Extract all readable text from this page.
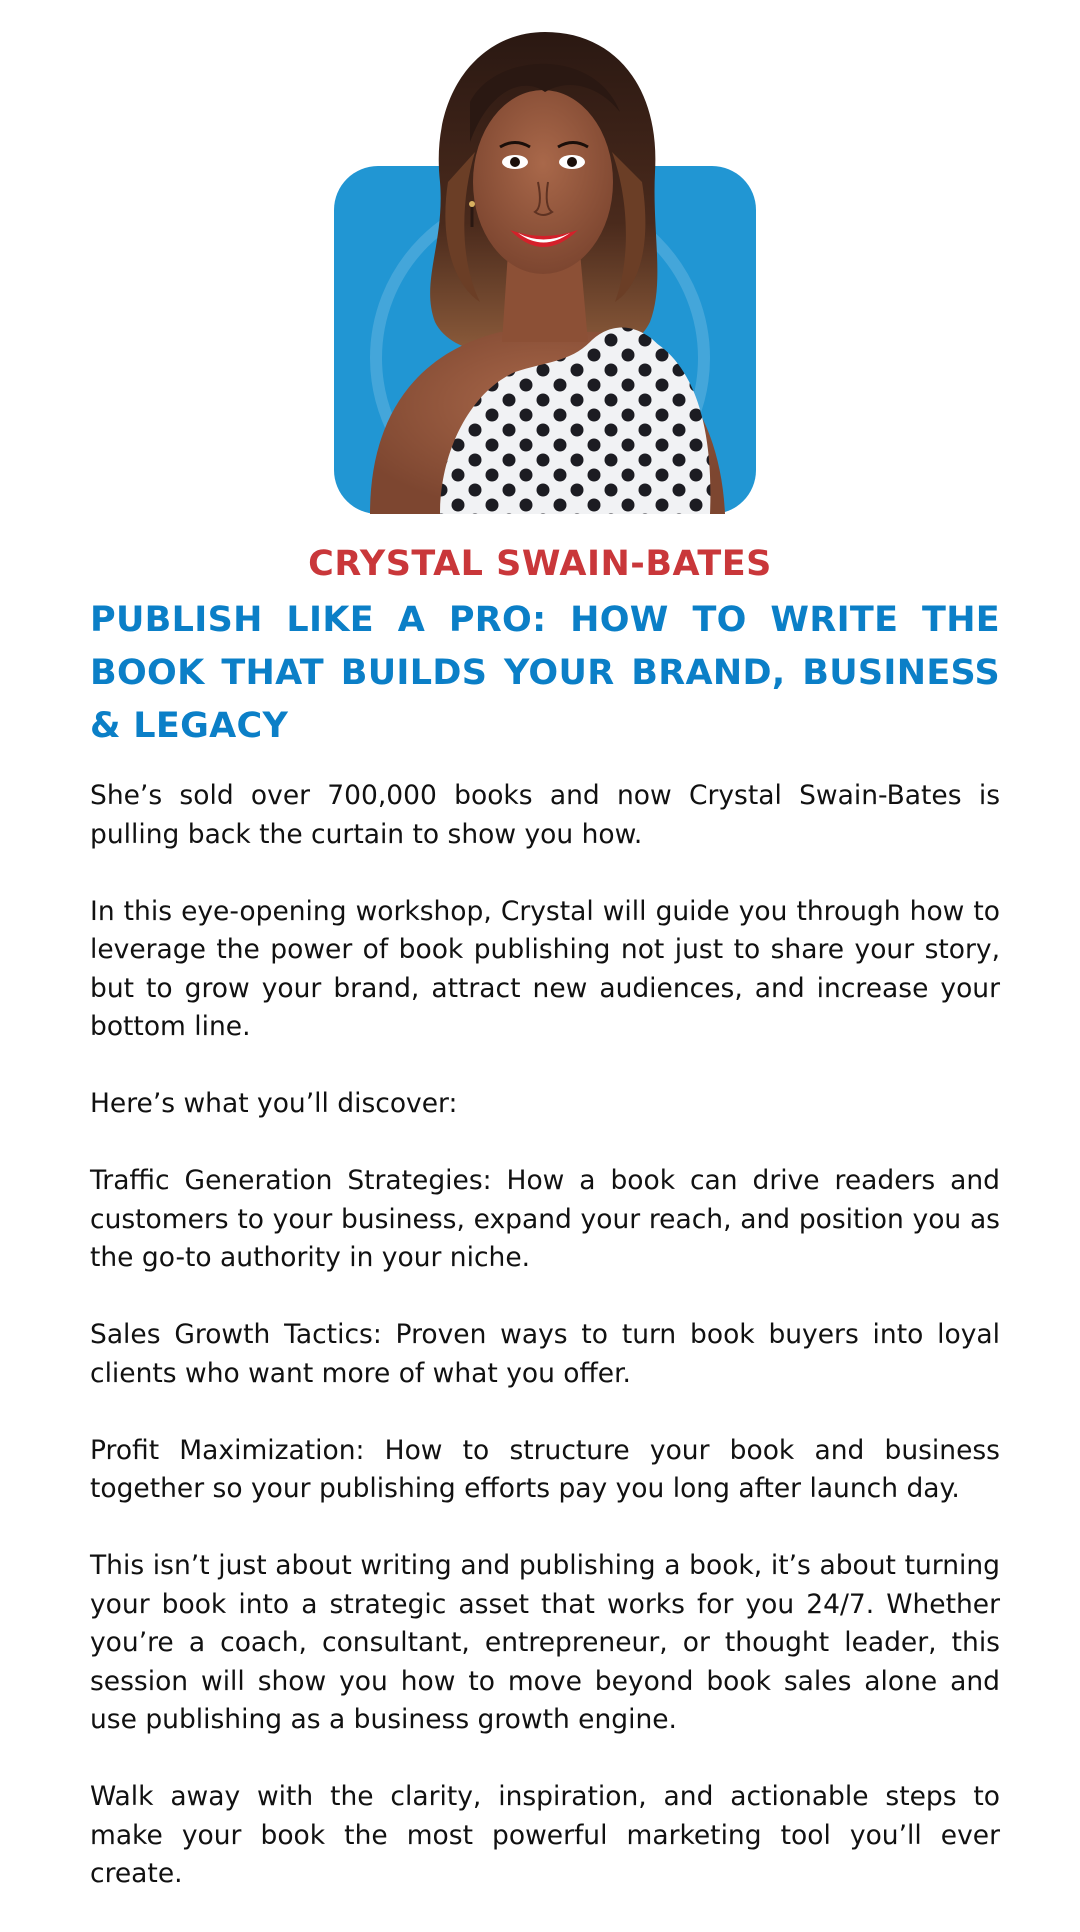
CRYSTAL SWAIN-BATES
PUBLISH LIKE A PRO: HOW TO WRITE THE BOOK THAT BUILDS YOUR BRAND, BUSINESS & LEGACY

She’s sold over 700,000 books and now Crystal Swain-Bates is pulling back the curtain to show you how.

In this eye-opening workshop, Crystal will guide you through how to leverage the power of book publishing not just to share your story, but to grow your brand, attract new audiences, and increase your bottom line.

Here’s what you’ll discover:

Traffic Generation Strategies: How a book can drive readers and customers to your business, expand your reach, and position you as the go-to authority in your niche.

Sales Growth Tactics: Proven ways to turn book buyers into loyal clients who want more of what you offer.

Profit Maximization: How to structure your book and business together so your publishing efforts pay you long after launch day.

This isn’t just about writing and publishing a book, it’s about turning your book into a strategic asset that works for you 24/7. Whether you’re a coach, consultant, entrepreneur, or thought leader, this session will show you how to move beyond book sales alone and use publishing as a business growth engine.

Walk away with the clarity, inspiration, and actionable steps to make your book the most powerful marketing tool you’ll ever create.
